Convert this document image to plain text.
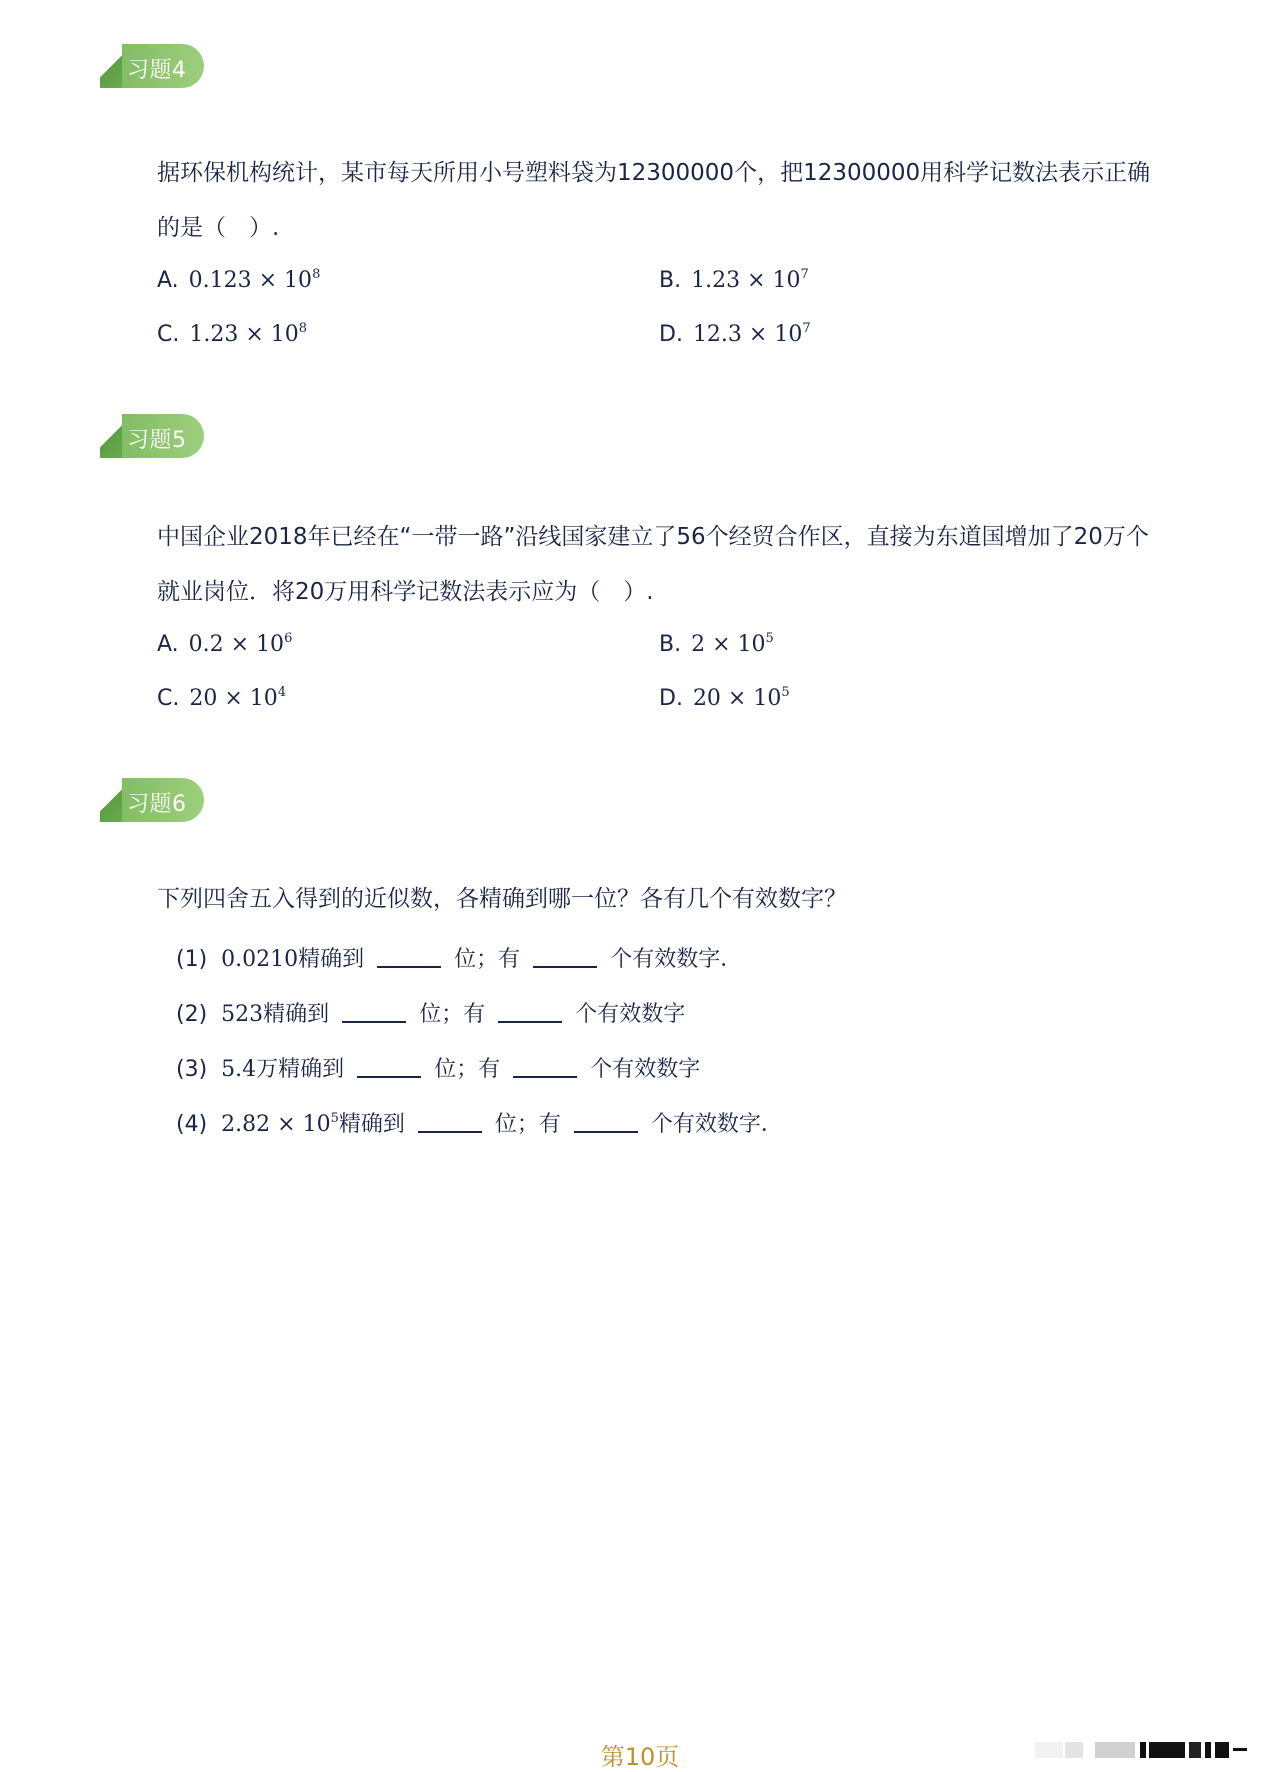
习题4
据环保机构统计，某市每天所用小号塑料袋为12300000个，把12300000用科学记数法表示正确的是（　）.
A. $0.123 \times 10^8$	B. $1.23 \times 10^7$
C. $1.23 \times 10^8$	D. $12.3 \times 10^7$
习题5
中国企业2018年已经在“一带一路”沿线国家建立了56个经贸合作区，直接为东道国增加了20万个就业岗位．将20万用科学记数法表示应为（　）.
A. $0.2 \times 10^6$	B. $2 \times 10^5$
C. $20 \times 10^4$	D. $20 \times 10^5$
习题6
下列四舍五入得到的近似数，各精确到哪一位？各有几个有效数字？
(1) 0.0210精确到	位；有	个有效数字．
(2) 523精确到	位；有	个有效数字
(3) 5.4万精确到	位；有	个有效数字
(4) $2.82 \times 10^5$精确到	位；有	个有效数字．
第10页
